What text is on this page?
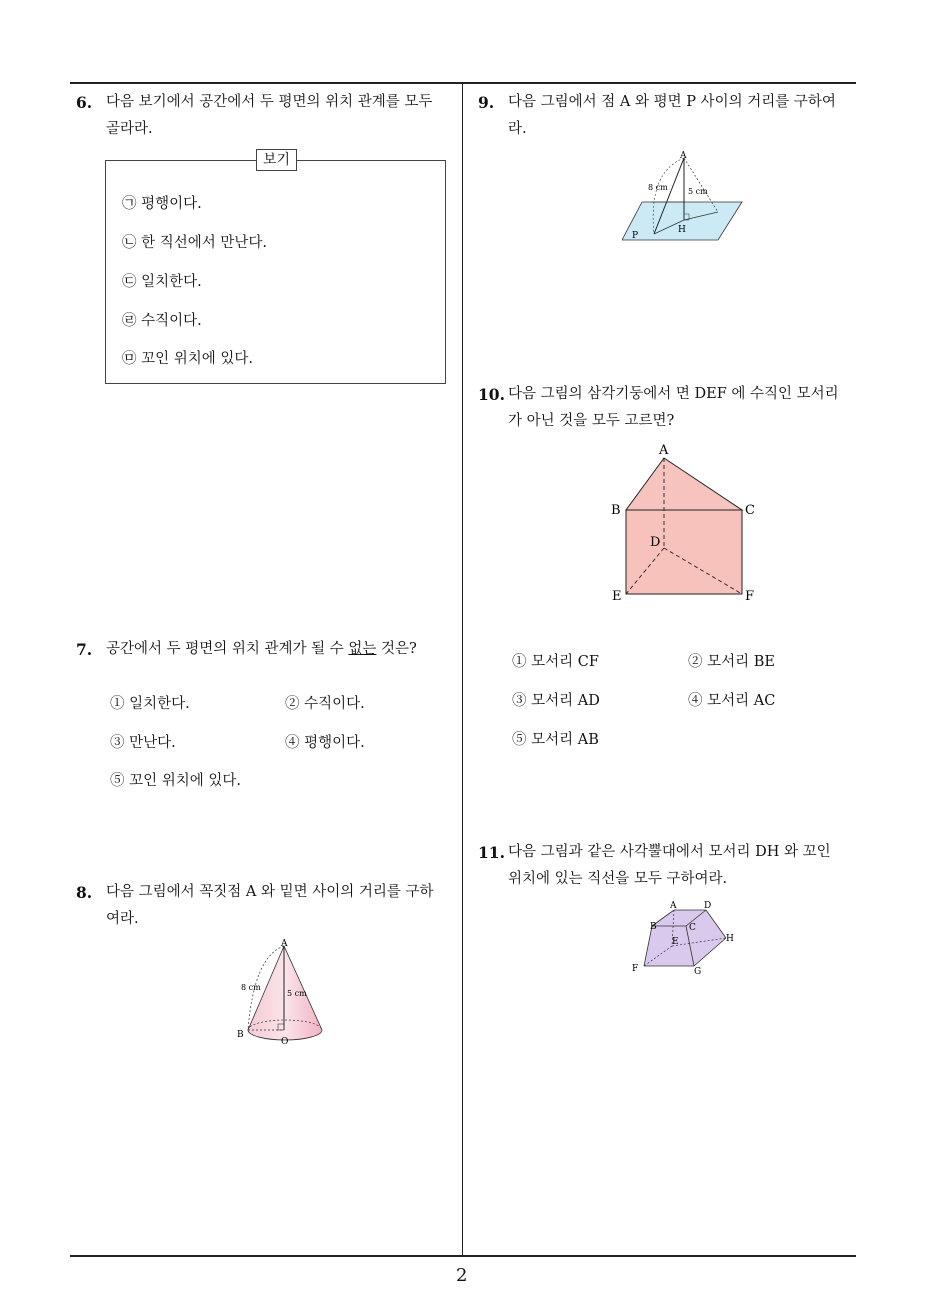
6. 다음 보기에서 공간에서 두 평면의 위치 관계를 모두
골라라.
보기
㉠ 평행이다.
㉡ 한 직선에서 만난다.
㉢ 일치한다.
㉣ 수직이다.
㉤ 꼬인 위치에 있다.
7. 공간에서 두 평면의 위치 관계가 될 수 없는 것은?
① 일치한다.	② 수직이다.
③ 만난다.	④ 평행이다.
⑤ 꼬인 위치에 있다.
8. 다음 그림에서 꼭짓점 A 와 밑면 사이의 거리를 구하
여라.
A
B
O
8 cm
5 cm
9. 다음 그림에서 점 A 와 평면 P 사이의 거리를 구하여
라.
A
P
H
8 cm	5 cm
10. 다음 그림의 삼각기둥에서 면 DEF 에 수직인 모서리
가 아닌 것을 모두 고르면?
A
B	C
D
E	F
① 모서리 CF	② 모서리 BE
③ 모서리 AD	④ 모서리 AC
⑤ 모서리 AB
11. 다음 그림과 같은 사각뿔대에서 모서리 DH 와 꼬인
위치에 있는 직선을 모두 구하여라.
A
B	C
D
E
F	G
H
2
